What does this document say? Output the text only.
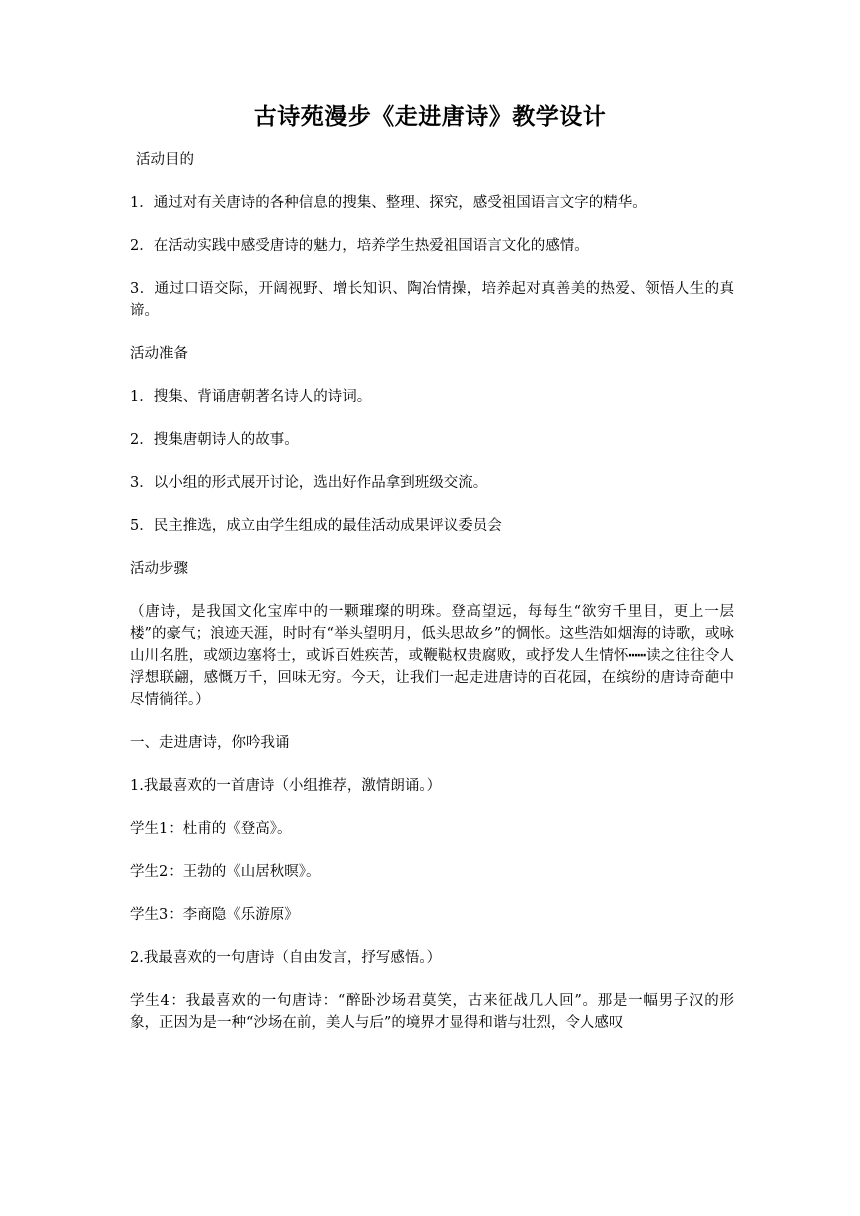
古诗苑漫步《走进唐诗》教学设计

活动目的

1．通过对有关唐诗的各种信息的搜集、整理、探究，感受祖国语言文字的精华。

2．在活动实践中感受唐诗的魅力，培养学生热爱祖国语言文化的感情。

3．通过口语交际，开阔视野、增长知识、陶冶情操，培养起对真善美的热爱、领悟人生的真谛。

活动准备

1．搜集、背诵唐朝著名诗人的诗词。

2．搜集唐朝诗人的故事。

3．以小组的形式展开讨论，选出好作品拿到班级交流。

5．民主推选，成立由学生组成的最佳活动成果评议委员会

活动步骤

（唐诗，是我国文化宝库中的一颗璀璨的明珠。登高望远，每每生“欲穷千里目，更上一层楼”的豪气；浪迹天涯，时时有“举头望明月，低头思故乡”的惆怅。这些浩如烟海的诗歌，或咏山川名胜，或颂边塞将士，或诉百姓疾苦，或鞭鞑权贵腐败，或抒发人生情怀┅┅读之往往令人浮想联翩，感慨万千，回味无穷。今天，让我们一起走进唐诗的百花园，在缤纷的唐诗奇葩中尽情徜徉。）

一、走进唐诗，你吟我诵

1.我最喜欢的一首唐诗（小组推荐，激情朗诵。）

学生1：杜甫的《登高》。

学生2：王勃的《山居秋暝》。

学生3：李商隐《乐游原》

2.我最喜欢的一句唐诗（自由发言，抒写感悟。）

学生4：我最喜欢的一句唐诗：“醉卧沙场君莫笑，古来征战几人回”。那是一幅男子汉的形象，正因为是一种“沙场在前，美人与后”的境界才显得和谐与壮烈，令人感叹
